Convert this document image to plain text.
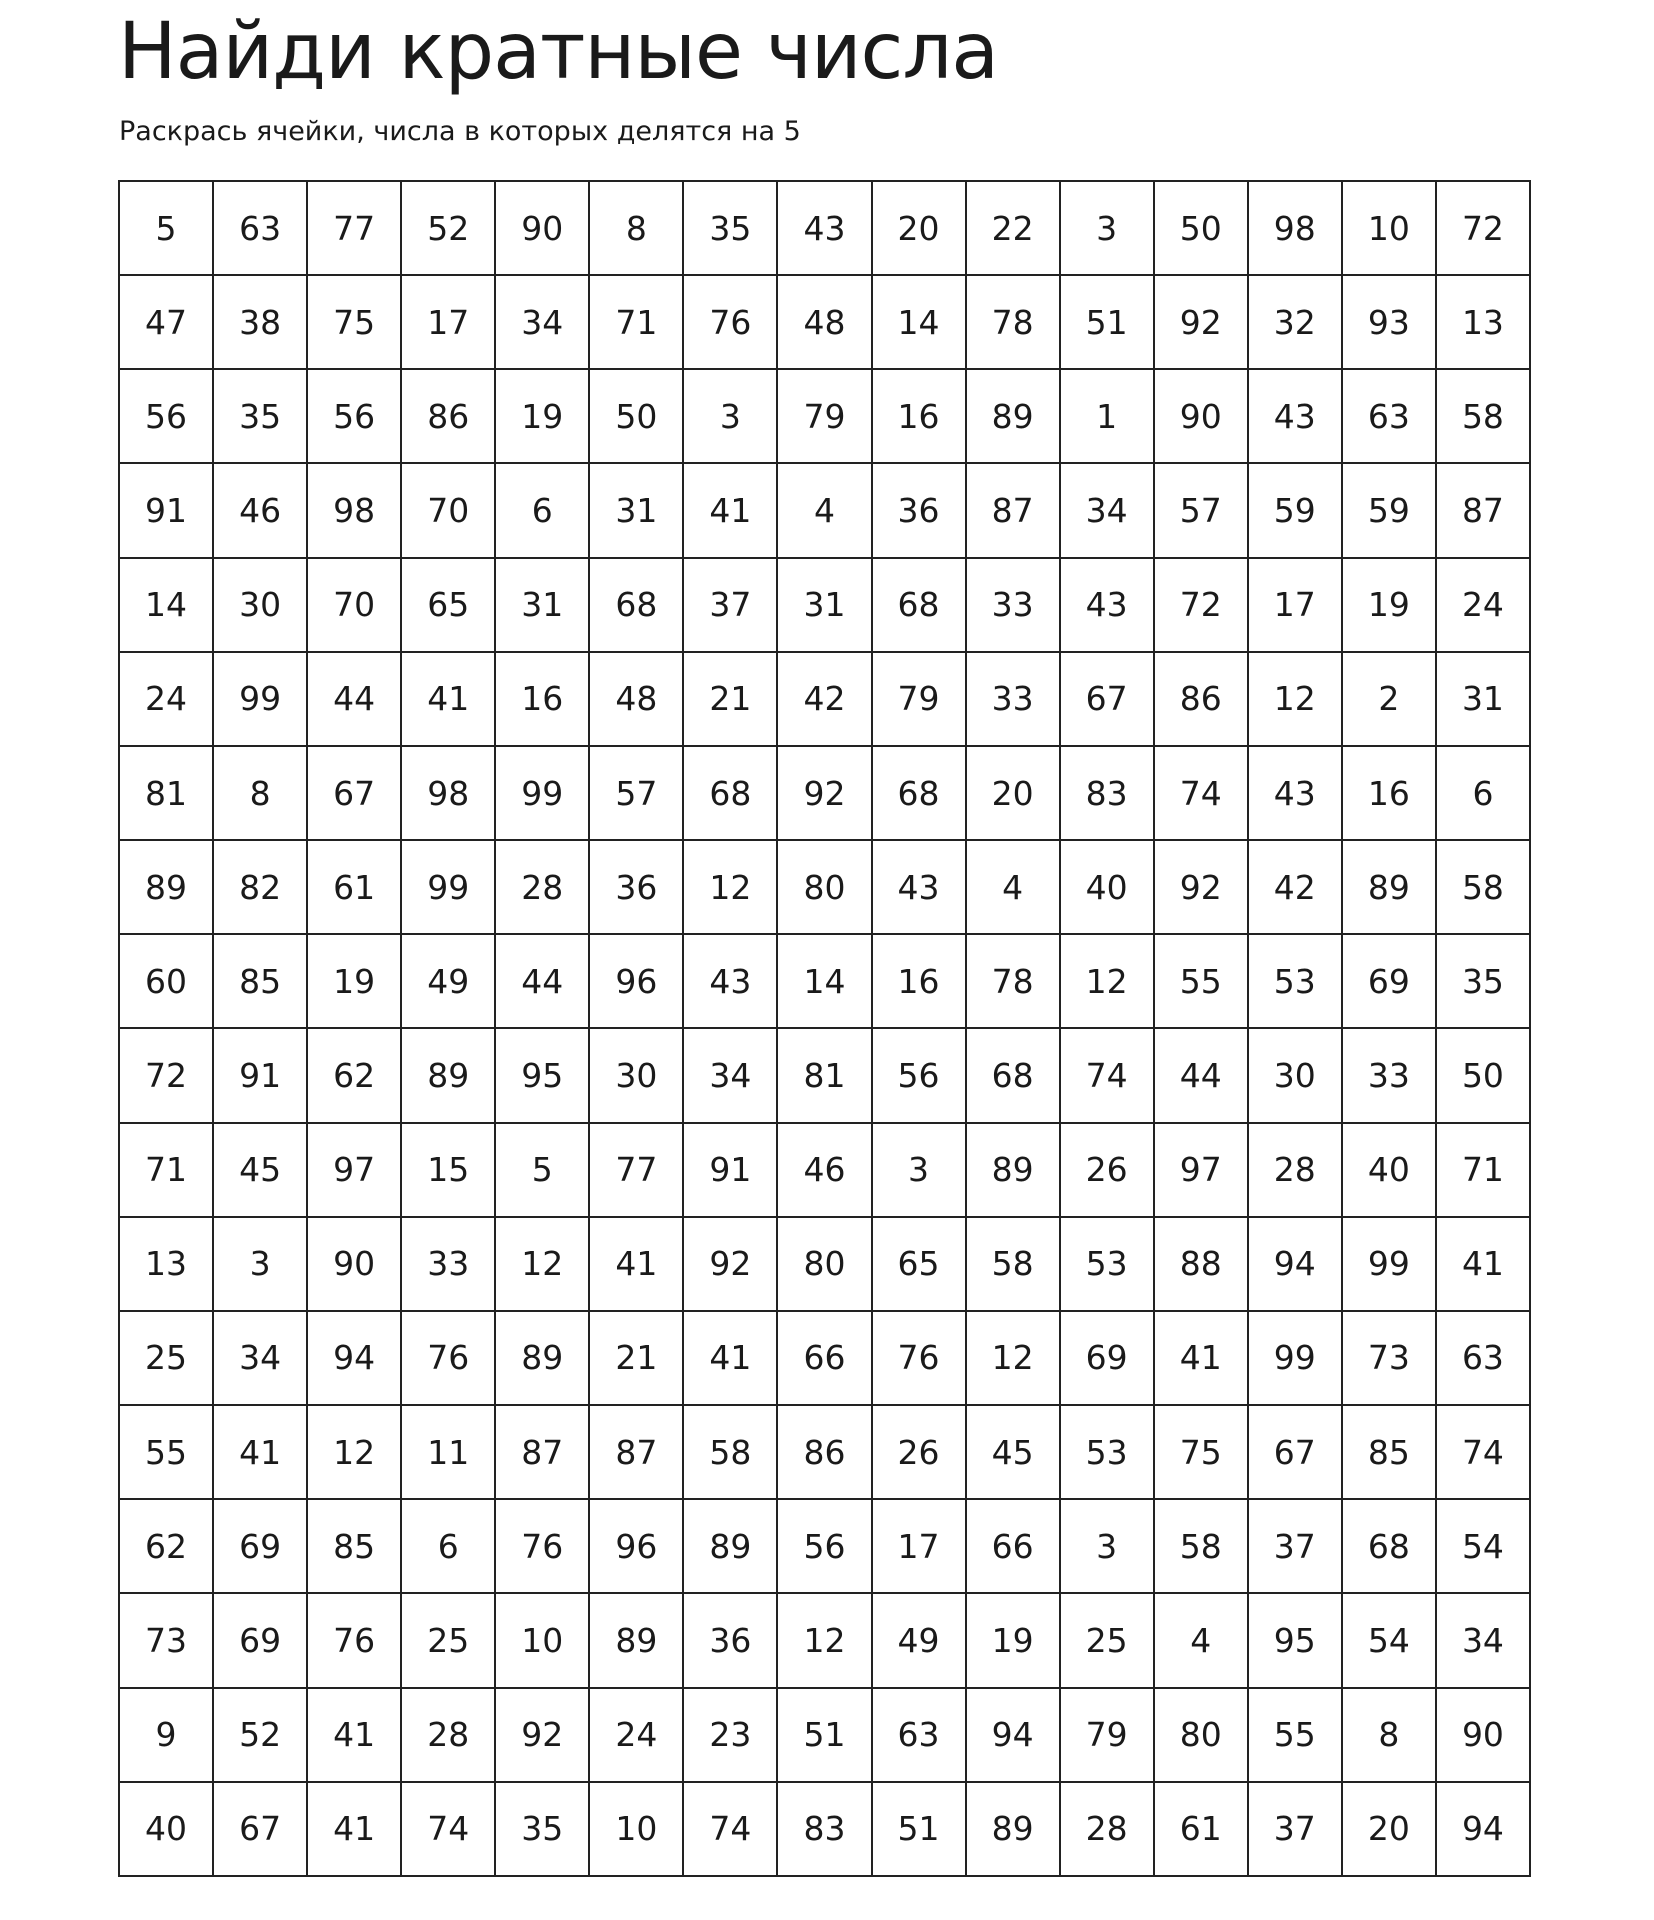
Найди кратные числа

Раскрась ячейки, числа в которых делятся на 5

5	63	77	52	90	8	35	43	20	22	3	50	98	10	72
47	38	75	17	34	71	76	48	14	78	51	92	32	93	13
56	35	56	86	19	50	3	79	16	89	1	90	43	63	58
91	46	98	70	6	31	41	4	36	87	34	57	59	59	87
14	30	70	65	31	68	37	31	68	33	43	72	17	19	24
24	99	44	41	16	48	21	42	79	33	67	86	12	2	31
81	8	67	98	99	57	68	92	68	20	83	74	43	16	6
89	82	61	99	28	36	12	80	43	4	40	92	42	89	58
60	85	19	49	44	96	43	14	16	78	12	55	53	69	35
72	91	62	89	95	30	34	81	56	68	74	44	30	33	50
71	45	97	15	5	77	91	46	3	89	26	97	28	40	71
13	3	90	33	12	41	92	80	65	58	53	88	94	99	41
25	34	94	76	89	21	41	66	76	12	69	41	99	73	63
55	41	12	11	87	87	58	86	26	45	53	75	67	85	74
62	69	85	6	76	96	89	56	17	66	3	58	37	68	54
73	69	76	25	10	89	36	12	49	19	25	4	95	54	34
9	52	41	28	92	24	23	51	63	94	79	80	55	8	90
40	67	41	74	35	10	74	83	51	89	28	61	37	20	94
